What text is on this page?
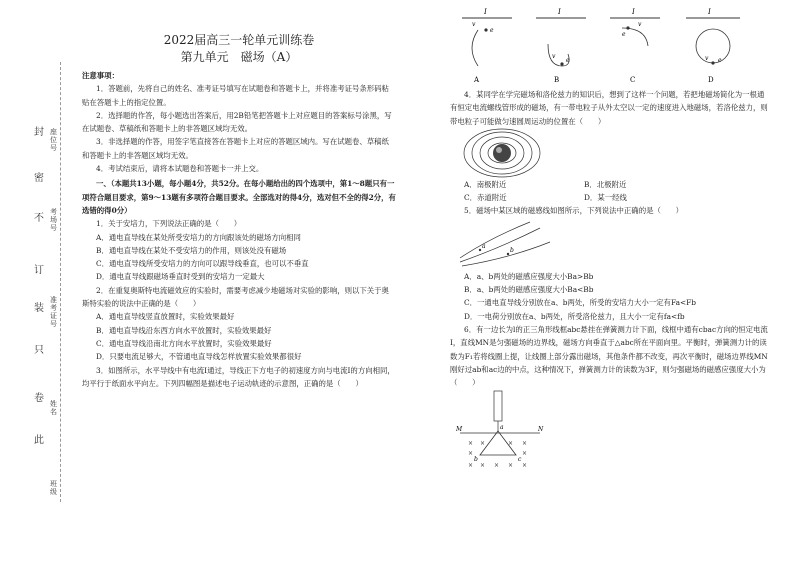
封
密
不
订
装
只
卷
此
座位号
考场号
准考证号
姓名
班级
2022届高三一轮单元训练卷
第九单元　磁场（A）
注意事项：
1．答题前，先将自己的姓名、准考证号填写在试题卷和答题卡上，并将准考证号条形码粘贴在答题卡上的指定位置。
2．选择题的作答，每小题选出答案后，用2B铅笔把答题卡上对应题目的答案标号涂黑，写在试题卷、草稿纸和答题卡上的非答题区域均无效。
3．非选择题的作答，用签字笔直接答在答题卡上对应的答题区域内。写在试题卷、草稿纸和答题卡上的非答题区域均无效。
4．考试结束后，请将本试题卷和答题卡一并上交。
一、（本题共13小题，每小题4分，共52分。在每小题给出的四个选项中，第1～8题只有一项符合题目要求，第9～13题有多项符合题目要求。全部选对的得4分，选对但不全的得2分，有选错的得0分）
1．关于安培力，下列说法正确的是（　　）
A．通电直导线在某处所受安培力的方向跟该处的磁场方向相同
B．通电直导线在某处不受安培力的作用，则该处没有磁场
C．通电直导线所受安培力的方向可以跟导线垂直，也可以不垂直
D．通电直导线跟磁场垂直时受到的安培力一定最大
2．在重复奥斯特电流磁效应的实验时，需要考虑减少地磁场对实验的影响，则以下关于奥斯特实验的说法中正确的是（　　）
A．通电直导线竖直放置时，实验效果最好
B．通电直导线沿东西方向水平放置时，实验效果最好
C．通电直导线沿南北方向水平放置时，实验效果最好
D．只要电流足够大，不管通电直导线怎样放置实验效果都很好
3．如图所示，水平导线中有电流I通过，导线正下方电子的初速度方向与电流I的方向相同，均平行于纸面水平向左。下列四幅图是描述电子运动轨迹的示意图，正确的是（　　）
I
e
v
A
I
e
v
B
I
e
v
C
I
e
v
D
4．某同学在学完磁场和洛伦兹力的知识后，想到了这样一个问题，若把地磁场简化为一根通有恒定电流螺线管形成的磁场，有一带电粒子从外太空以一定的速度进入地磁场，若洛伦兹力，则带电粒子可能做匀速圆周运动的位置在（　　）
A．南极附近	B．北极附近
C．赤道附近	D．某一经线
5．磁场中某区域的磁感线如图所示，下列说法中正确的是（　　）
a
b
A．a、b两处的磁感应强度大小Ba>Bb
B．a、b两处的磁感应强度大小Ba<Bb
C．一通电直导线分别放在a、b两处，所受的安培力大小一定有Fa<Fb
D．一电荷分别放在a、b两处，所受洛伦兹力，且大小一定有fa<fb
6．有一边长为l的正三角形线框abc悬挂在弹簧测力计下面，线框中通有cbac方向的恒定电流I，直线MN是匀强磁场的边界线，磁场方向垂直于△abc所在平面向里。平衡时，弹簧测力计的读数为F₁若将线圈上提，让线圈上部分露出磁场，其他条件都不改变，再次平衡时，磁场边界线MN刚好过ab和ac边的中点，这种情况下，弹簧测力计的读数为3F，则匀强磁场的磁感应强度大小为（　　）
M	N
a
b	c
× ×	× ×
×	×
× × × × ×
